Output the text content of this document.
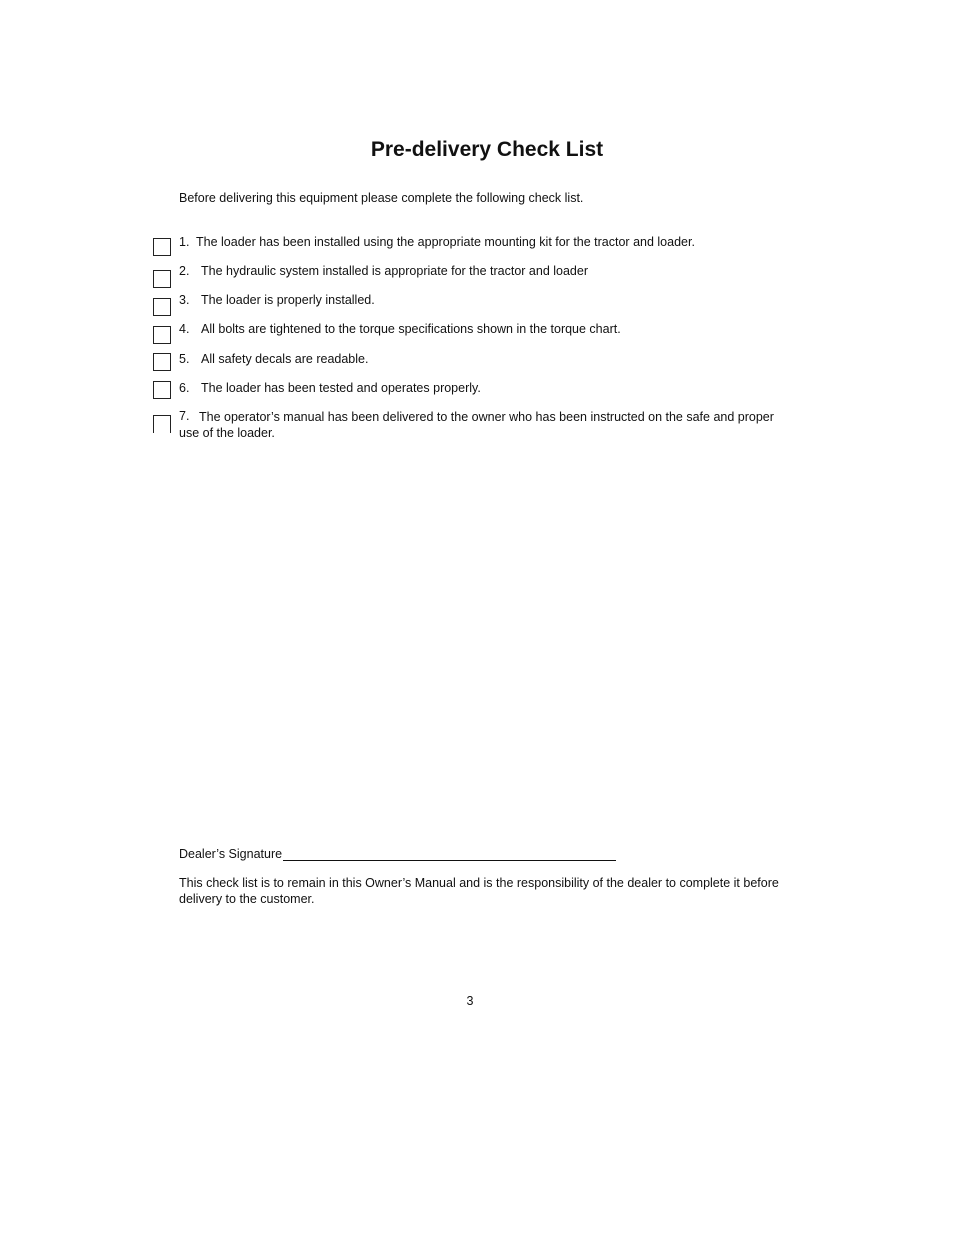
Pre-delivery Check List

Before delivering this equipment please complete the following check list.

1. The loader has been installed using the appropriate mounting kit for the tractor and loader.
2. The hydraulic system installed is appropriate for the tractor and loader
3. The loader is properly installed.
4. All bolts are tightened to the torque specifications shown in the torque chart.
5. All safety decals are readable.
6. The loader has been tested and operates properly.
7. The operator’s manual has been delivered to the owner who has been instructed on the safe and proper use of the loader.
Dealer’s Signature

This check list is to remain in this Owner’s Manual and is the responsibility of the dealer to complete it before delivery to the customer.

3
